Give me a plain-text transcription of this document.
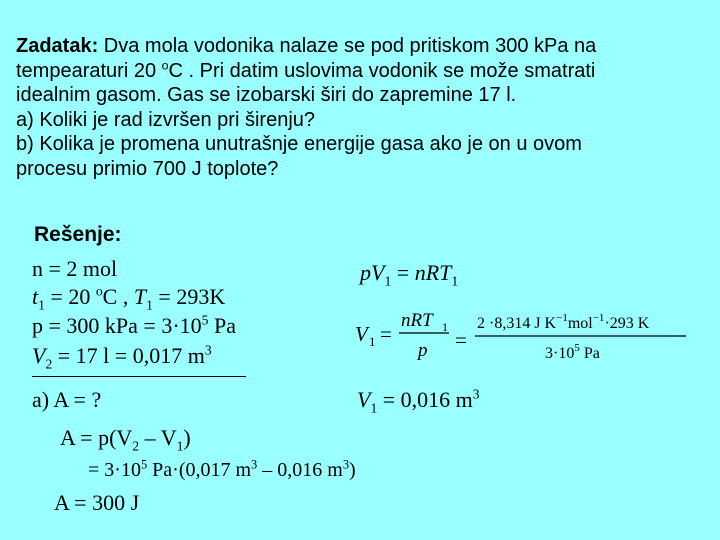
Zadatak: Dva mola vodonika nalaze se pod pritiskom 300 kPa na

tempearaturi 20 $^o$C . Pri datim uslovima vodonik se može smatrati

idealnim gasom. Gas se izobarski širi do zapremine 17 l.

a) Koliki je rad izvršen pri širenju?

b) Kolika je promena unutrašnje energije gasa ako je on u ovom

procesu primio 700 J toplote?

Rešenje:
n = 2 mol
$t_1 = 20$ $^o$C , $T_1 = 293K$
p = 300 kPa = $3\cdot 10^5$ Pa
$V_2 = 17$ l = 0,017 $m^3$
$pV_1 = nRT_1$
V 1 =
nRT 1
p =
2 ·8,314 J $K^{-1}mol^{-1}\cdot 293$ K
$3\cdot 10^5$ Pa
$V_1 = 0,016$ $m^3$
a) A = ?
$A = p(V_2 - V_1)$
= $3\cdot 10^5$ Pa·(0,017 $m^3 - 0,016$ $m^3$)
A = 300 J
